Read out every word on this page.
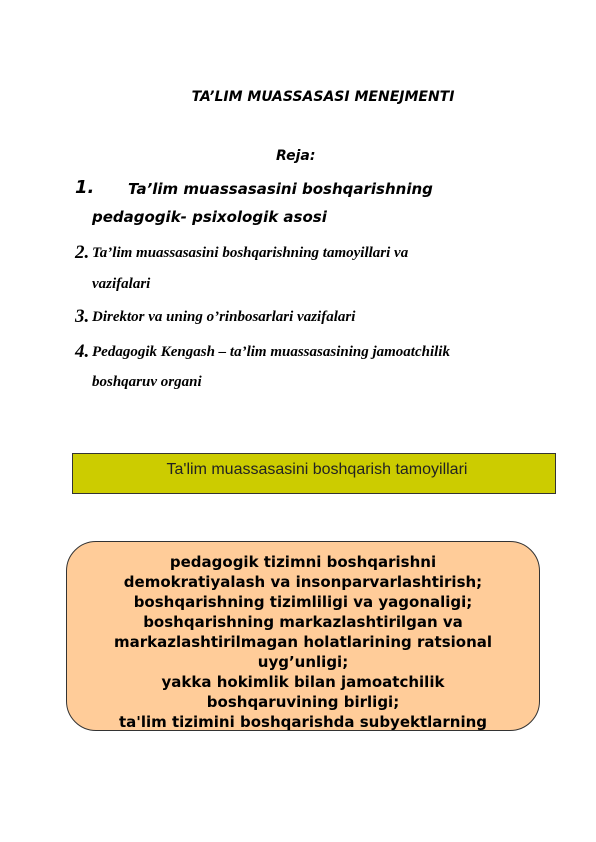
TA’LIM MUASSASASI MENEJMENTI
Reja:
1. Ta’lim muassasasini boshqarishning
pedagogik- psixologik asosi
2. Ta’lim muassasasini boshqarishning tamoyillari va
vazifalari
3. Direktor va uning o’rinbosarlari vazifalari
4. Pedagogik Kengash – ta’lim muassasasining jamoatchilik
boshqaruv organi
Ta'lim muassasasini boshqarish tamoyillari
pedagogik tizimni boshqarishni
demokratiyalash va insonparvarlashtirish;
boshqarishning tizimliligi va yagonaligi;
boshqarishning markazlashtirilgan va
markazlashtirilmagan holatlarining ratsional
uyg’unligi;
yakka hokimlik bilan jamoatchilik
boshqaruvining birligi;
ta'lim tizimini boshqarishda subyektlarning
